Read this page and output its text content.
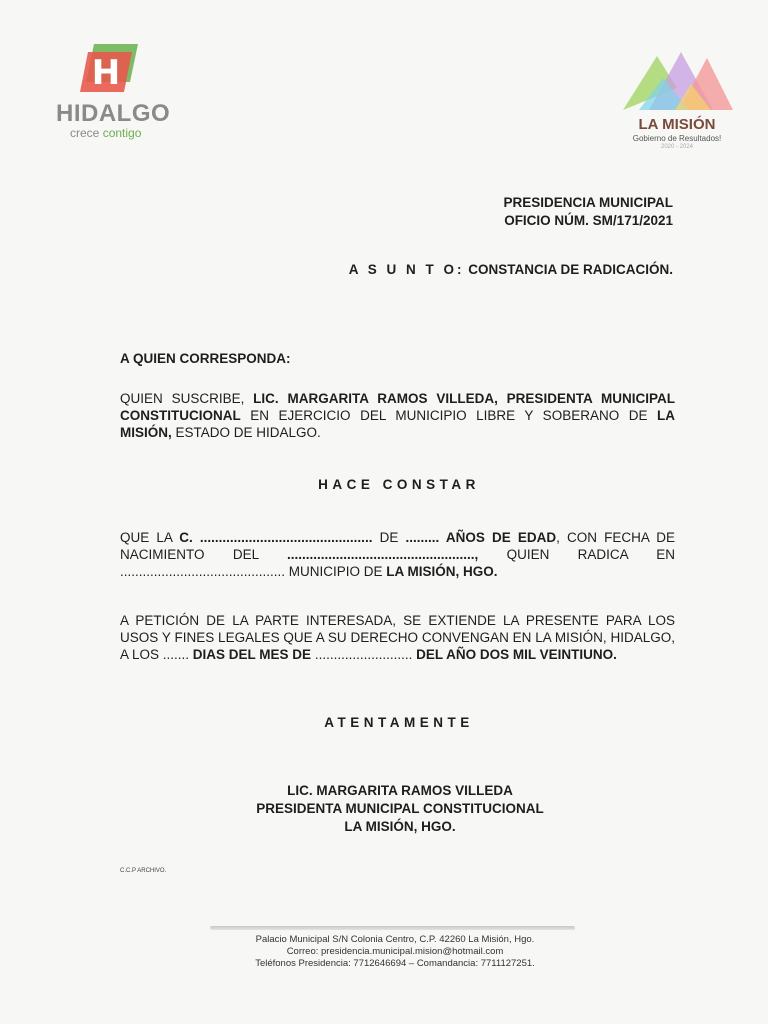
H
HIDALGO
crece contigo	LA MISIÓN
Gobierno de Resultados!
2020 - 2024
PRESIDENCIA MUNICIPAL
OFICIO NÚM. SM/171/2021
A S U N T O: CONSTANCIA DE RADICACIÓN.
A QUIEN CORRESPONDA:
QUIEN SUSCRIBE, LIC. MARGARITA RAMOS VILLEDA, PRESIDENTA MUNICIPAL CONSTITUCIONAL EN EJERCICIO DEL MUNICIPIO LIBRE Y SOBERANO DE LA MISIÓN, ESTADO DE HIDALGO.
HACE CONSTAR
QUE LA C. .............................................. DE ......... AÑOS DE EDAD, CON FECHA DE NACIMIENTO DEL .................................................., QUIEN RADICA EN ............................................ MUNICIPIO DE LA MISIÓN, HGO.
A PETICIÓN DE LA PARTE INTERESADA, SE EXTIENDE LA PRESENTE PARA LOS USOS Y FINES LEGALES QUE A SU DERECHO CONVENGAN EN LA MISIÓN, HIDALGO, A LOS ....... DIAS DEL MES DE .......................... DEL AÑO DOS MIL VEINTIUNO.
ATENTAMENTE
LIC. MARGARITA RAMOS VILLEDA
PRESIDENTA MUNICIPAL CONSTITUCIONAL
LA MISIÓN, HGO.
C.C.P ARCHIVO.
Palacio Municipal S/N Colonia Centro, C.P. 42260 La Misión, Hgo.
Correo: presidencia.municipal.mision@hotmail.com
Teléfonos Presidencia: 7712646694 – Comandancia: 7711127251.
